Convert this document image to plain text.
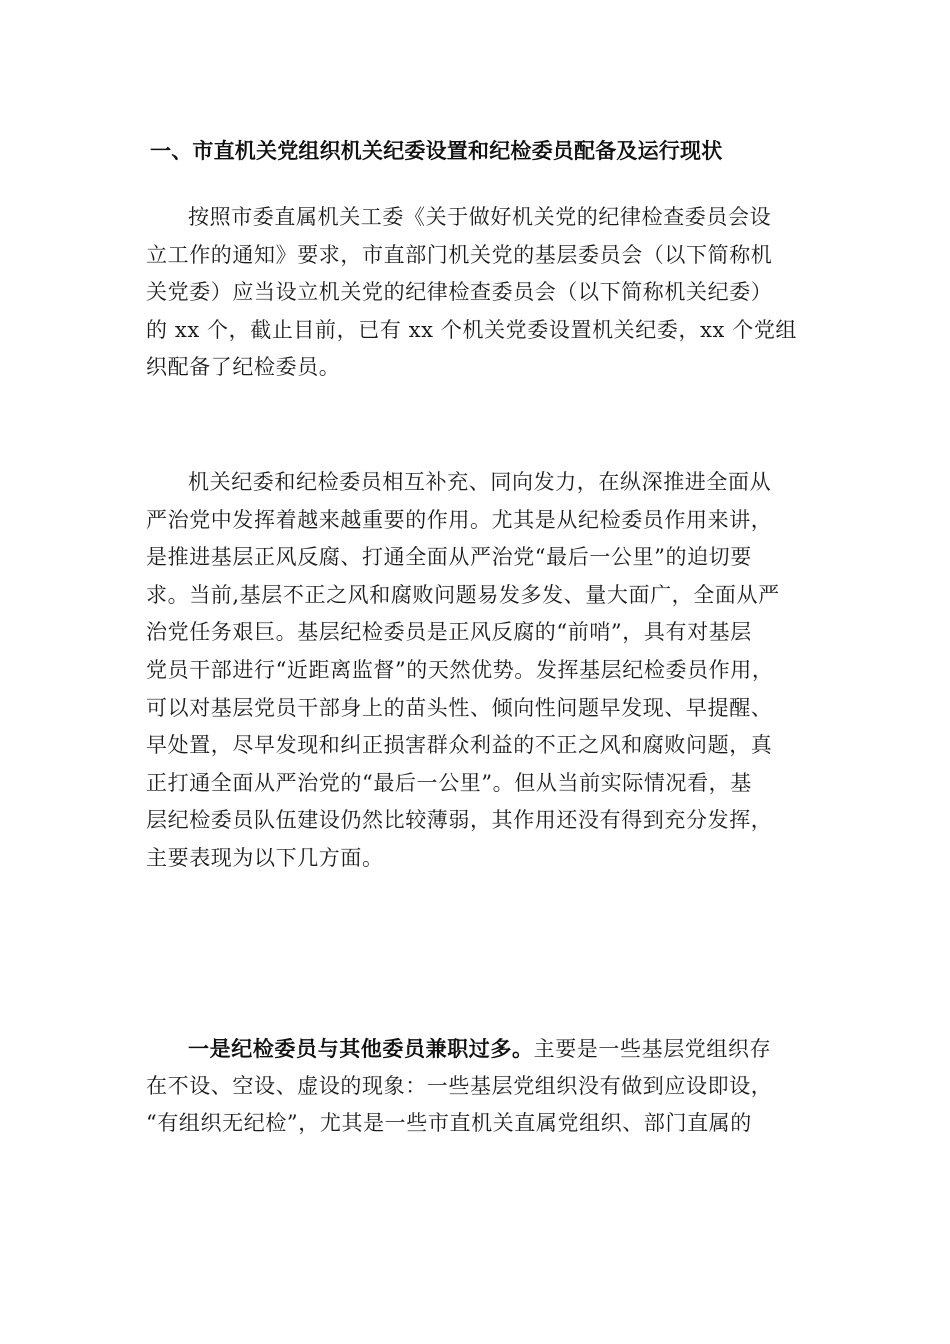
一、市直机关党组织机关纪委设置和纪检委员配备及运行现状
按照市委直属机关工委《关于做好机关党的纪律检查委员会设
立工作的通知》要求，市直部门机关党的基层委员会（以下简称机
关党委）应当设立机关党的纪律检查委员会（以下简称机关纪委）
的 xx 个，截止目前，已有 xx 个机关党委设置机关纪委，xx 个党组
织配备了纪检委员。
机关纪委和纪检委员相互补充、同向发力，在纵深推进全面从
严治党中发挥着越来越重要的作用。尤其是从纪检委员作用来讲，
是推进基层正风反腐、打通全面从严治党“最后一公里”的迫切要
求。当前,基层不正之风和腐败问题易发多发、量大面广，全面从严
治党任务艰巨。基层纪检委员是正风反腐的“前哨”，具有对基层
党员干部进行“近距离监督”的天然优势。发挥基层纪检委员作用，
可以对基层党员干部身上的苗头性、倾向性问题早发现、早提醒、
早处置，尽早发现和纠正损害群众利益的不正之风和腐败问题，真
正打通全面从严治党的“最后一公里”。但从当前实际情况看，基
层纪检委员队伍建设仍然比较薄弱，其作用还没有得到充分发挥，
主要表现为以下几方面。
一是纪检委员与其他委员兼职过多。主要是一些基层党组织存
在不设、空设、虚设的现象：一些基层党组织没有做到应设即设，
“有组织无纪检”，尤其是一些市直机关直属党组织、部门直属的
